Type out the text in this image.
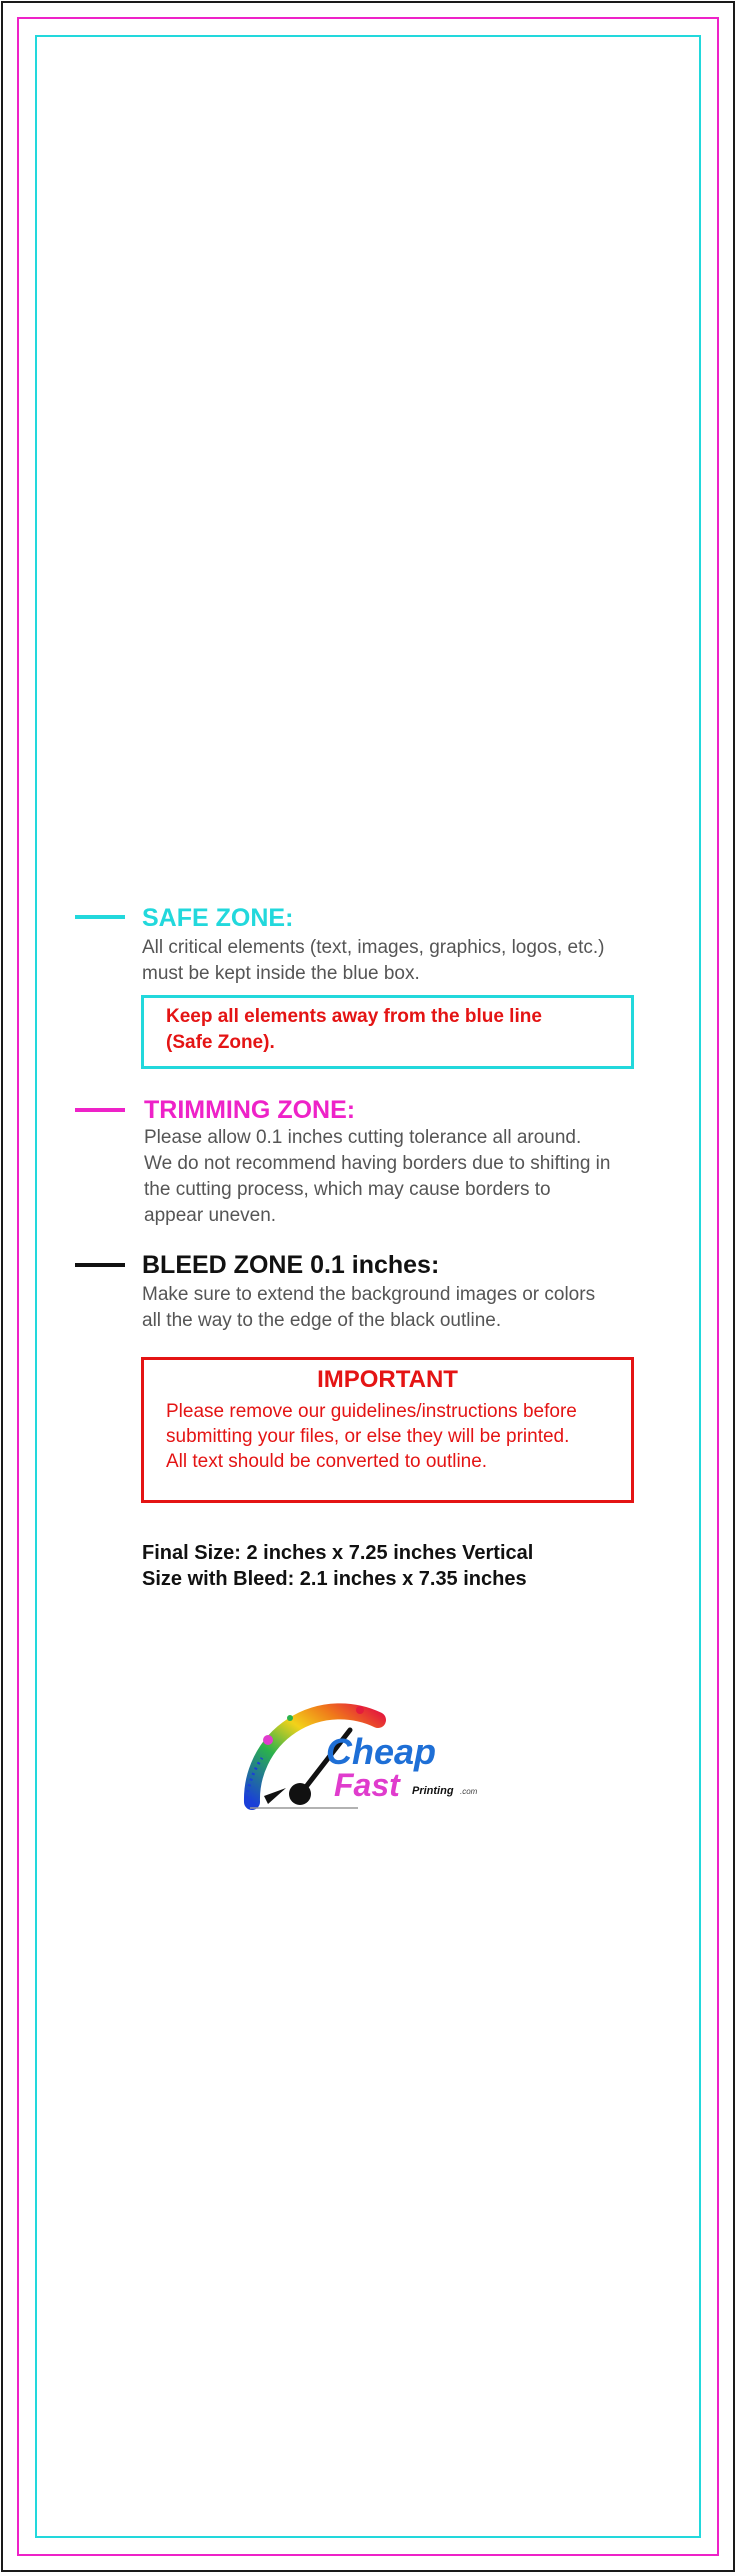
SAFE ZONE:
All critical elements (text, images, graphics, logos, etc.)
must be kept inside the blue box.
Keep all elements away from the blue line
(Safe Zone).
TRIMMING ZONE:
Please allow 0.1 inches cutting tolerance all around.
We do not recommend having borders due to shifting in
the cutting process, which may cause borders to
appear uneven.
BLEED ZONE 0.1 inches:
Make sure to extend the background images or colors
all the way to the edge of the black outline.
IMPORTANT
Please remove our guidelines/instructions before
submitting your files, or else they will be printed.
All text should be converted to outline.
Final Size: 2 inches x 7.25 inches Vertical
Size with Bleed: 2.1 inches x 7.35 inches
Cheap
Fast Printing .com
